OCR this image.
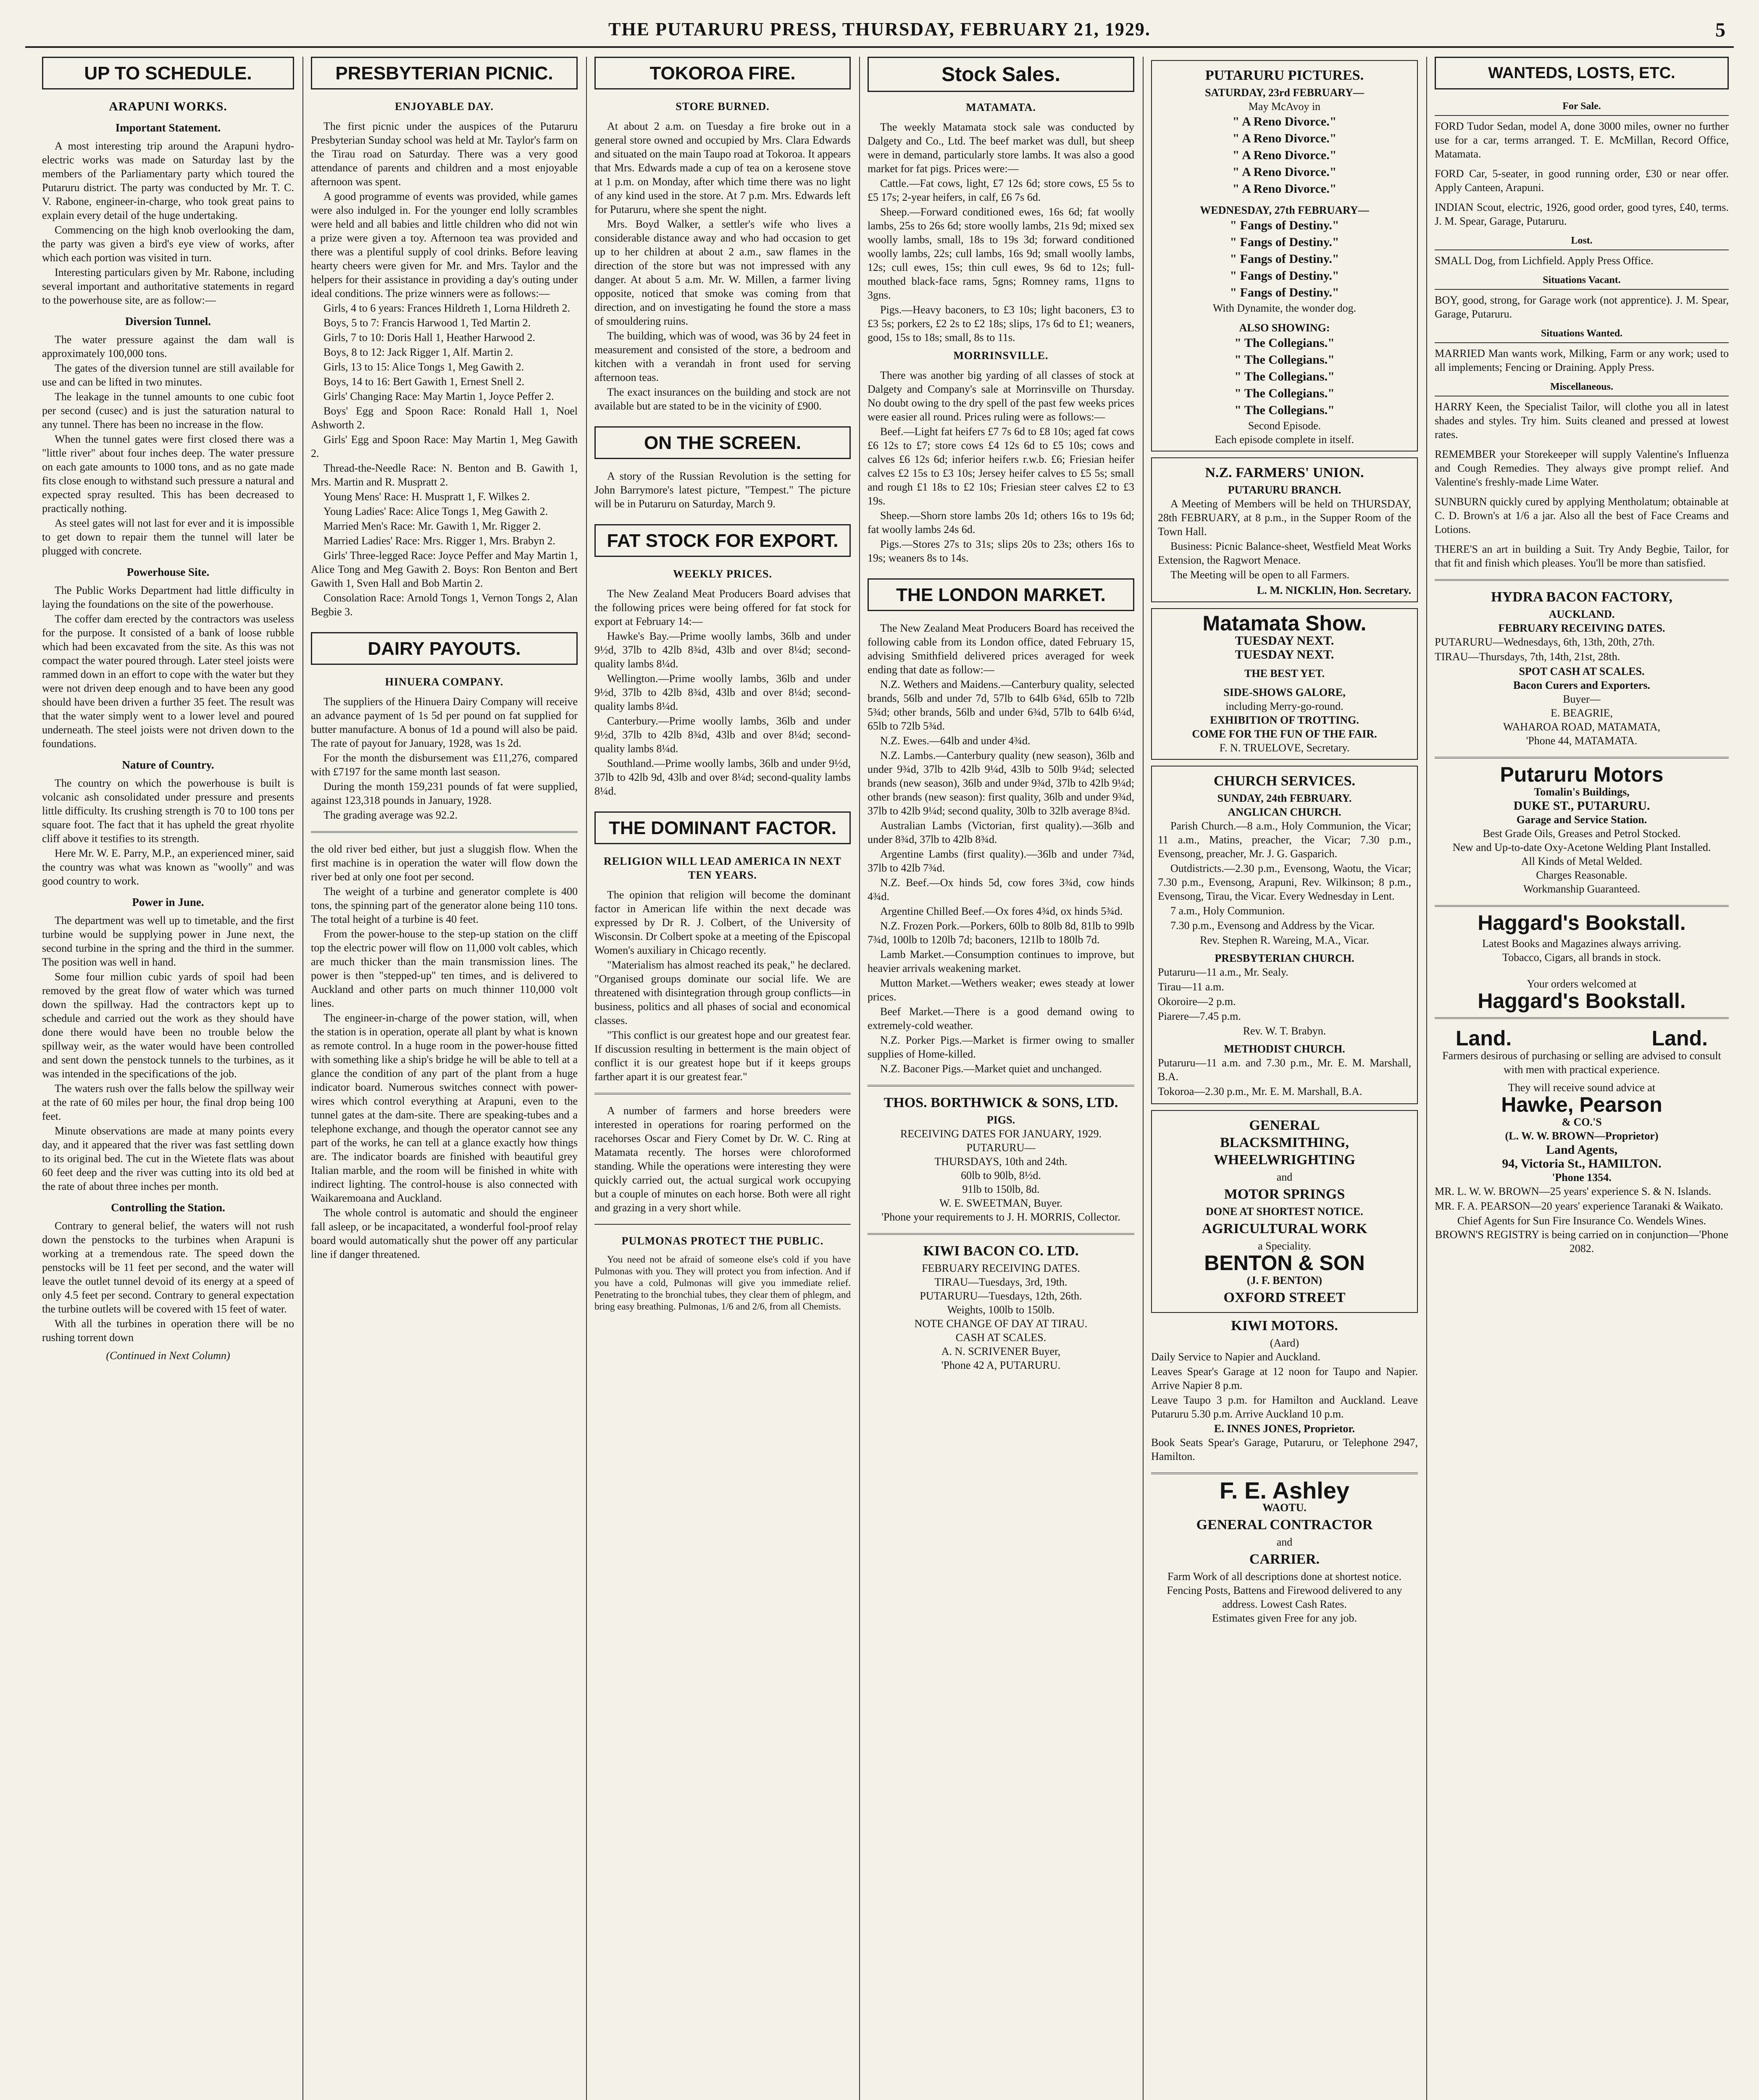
THE PUTARURU PRESS, THURSDAY, FEBRUARY 21, 1929.	5
UP TO SCHEDULE.
ARAPUNI WORKS.
Important Statement.

A most interesting trip around the Arapuni hydro-electric works was made on Saturday last by the members of the Parliamentary party which toured the Putaruru district. The party was conducted by Mr. T. C. V. Rabone, engineer-in-charge, who took great pains to explain every detail of the huge undertaking.

Commencing on the high knob overlooking the dam, the party was given a bird's eye view of works, after which each portion was visited in turn.

Interesting particulars given by Mr. Rabone, including several important and authoritative statements in regard to the powerhouse site, are as follow:—

Diversion Tunnel.

The water pressure against the dam wall is approximately 100,000 tons.

The gates of the diversion tunnel are still available for use and can be lifted in two minutes.

The leakage in the tunnel amounts to one cubic foot per second (cusec) and is just the saturation natural to any tunnel. There has been no increase in the flow.

When the tunnel gates were first closed there was a "little river" about four inches deep. The water pressure on each gate amounts to 1000 tons, and as no gate made fits close enough to withstand such pressure a natural and expected spray resulted. This has been decreased to practically nothing.

As steel gates will not last for ever and it is impossible to get down to repair them the tunnel will later be plugged with concrete.

Powerhouse Site.

The Public Works Department had little difficulty in laying the foundations on the site of the powerhouse.

The coffer dam erected by the contractors was useless for the purpose. It consisted of a bank of loose rubble which had been excavated from the site. As this was not compact the water poured through. Later steel joists were rammed down in an effort to cope with the water but they were not driven deep enough and to have been any good should have been driven a further 35 feet. The result was that the water simply went to a lower level and poured underneath. The steel joists were not driven down to the foundations.

Nature of Country.

The country on which the powerhouse is built is volcanic ash consolidated under pressure and presents little difficulty. Its crushing strength is 70 to 100 tons per square foot. The fact that it has upheld the great rhyolite cliff above it testifies to its strength.

Here Mr. W. E. Parry, M.P., an experienced miner, said the country was what was known as "woolly" and was good country to work.

Power in June.

The department was well up to timetable, and the first turbine would be supplying power in June next, the second turbine in the spring and the third in the summer. The position was well in hand.

Some four million cubic yards of spoil had been removed by the great flow of water which was turned down the spillway. Had the contractors kept up to schedule and carried out the work as they should have done there would have been no trouble below the spillway weir, as the water would have been controlled and sent down the penstock tunnels to the turbines, as it was intended in the specifications of the job.

The waters rush over the falls below the spillway weir at the rate of 60 miles per hour, the final drop being 100 feet.

Minute observations are made at many points every day, and it appeared that the river was fast settling down to its original bed. The cut in the Wietete flats was about 60 feet deep and the river was cutting into its old bed at the rate of about three inches per month.

Controlling the Station.

Contrary to general belief, the waters will not rush down the penstocks to the turbines when Arapuni is working at a tremendous rate. The speed down the penstocks will be 11 feet per second, and the water will leave the outlet tunnel devoid of its energy at a speed of only 4.5 feet per second. Contrary to general expectation the turbine outlets will be covered with 15 feet of water.

With all the turbines in operation there will be no rushing torrent down

(Continued in Next Column)
PRESBYTERIAN PICNIC.
ENJOYABLE DAY.

The first picnic under the auspices of the Putaruru Presbyterian Sunday school was held at Mr. Taylor's farm on the Tirau road on Saturday. There was a very good attendance of parents and children and a most enjoyable afternoon was spent.

A good programme of events was provided, while games were also indulged in. For the younger end lolly scrambles were held and all babies and little children who did not win a prize were given a toy. Afternoon tea was provided and there was a plentiful supply of cool drinks. Before leaving hearty cheers were given for Mr. and Mrs. Taylor and the helpers for their assistance in providing a day's outing under ideal conditions. The prize winners were as follows:—

Girls, 4 to 6 years: Frances Hildreth 1, Lorna Hildreth 2.

Boys, 5 to 7: Francis Harwood 1, Ted Martin 2.

Girls, 7 to 10: Doris Hall 1, Heather Harwood 2.

Boys, 8 to 12: Jack Rigger 1, Alf. Martin 2.

Girls, 13 to 15: Alice Tongs 1, Meg Gawith 2.

Boys, 14 to 16: Bert Gawith 1, Ernest Snell 2.

Girls' Changing Race: May Martin 1, Joyce Peffer 2.

Boys' Egg and Spoon Race: Ronald Hall 1, Noel Ashworth 2.

Girls' Egg and Spoon Race: May Martin 1, Meg Gawith 2.

Thread-the-Needle Race: N. Benton and B. Gawith 1, Mrs. Martin and R. Muspratt 2.

Young Mens' Race: H. Muspratt 1, F. Wilkes 2.

Young Ladies' Race: Alice Tongs 1, Meg Gawith 2.

Married Men's Race: Mr. Gawith 1, Mr. Rigger 2.

Married Ladies' Race: Mrs. Rigger 1, Mrs. Brabyn 2.

Girls' Three-legged Race: Joyce Peffer and May Martin 1, Alice Tong and Meg Gawith 2. Boys: Ron Benton and Bert Gawith 1, Sven Hall and Bob Martin 2.

Consolation Race: Arnold Tongs 1, Vernon Tongs 2, Alan Begbie 3.

DAIRY PAYOUTS.
HINUERA COMPANY.

The suppliers of the Hinuera Dairy Company will receive an advance payment of 1s 5d per pound on fat supplied for butter manufacture. A bonus of 1d a pound will also be paid. The rate of payout for January, 1928, was 1s 2d.

For the month the disbursement was £11,276, compared with £7197 for the same month last season.

During the month 159,231 pounds of fat were supplied, against 123,318 pounds in January, 1928.

The grading average was 92.2.

the old river bed either, but just a sluggish flow. When the first machine is in operation the water will flow down the river bed at only one foot per second.

The weight of a turbine and generator complete is 400 tons, the spinning part of the generator alone being 110 tons. The total height of a turbine is 40 feet.

From the power-house to the step-up station on the cliff top the electric power will flow on 11,000 volt cables, which are much thicker than the main transmission lines. The power is then "stepped-up" ten times, and is delivered to Auckland and other parts on much thinner 110,000 volt lines.

The engineer-in-charge of the power station, will, when the station is in operation, operate all plant by what is known as remote control. In a huge room in the power-house fitted with something like a ship's bridge he will be able to tell at a glance the condition of any part of the plant from a huge indicator board. Numerous switches connect with power-wires which control everything at Arapuni, even to the tunnel gates at the dam-site. There are speaking-tubes and a telephone exchange, and though the operator cannot see any part of the works, he can tell at a glance exactly how things are. The indicator boards are finished with beautiful grey Italian marble, and the room will be finished in white with indirect lighting. The control-house is also connected with Waikaremoana and Auckland.

The whole control is automatic and should the engineer fall asleep, or be incapacitated, a wonderful fool-proof relay board would automatically shut the power off any particular line if danger threatened.

TOKOROA FIRE.
STORE BURNED.

At about 2 a.m. on Tuesday a fire broke out in a general store owned and occupied by Mrs. Clara Edwards and situated on the main Taupo road at Tokoroa. It appears that Mrs. Edwards made a cup of tea on a kerosene stove at 1 p.m. on Monday, after which time there was no light of any kind used in the store. At 7 p.m. Mrs. Edwards left for Putaruru, where she spent the night.

Mrs. Boyd Walker, a settler's wife who lives a considerable distance away and who had occasion to get up to her children at about 2 a.m., saw flames in the direction of the store but was not impressed with any danger. At about 5 a.m. Mr. W. Millen, a farmer living opposite, noticed that smoke was coming from that direction, and on investigating he found the store a mass of smouldering ruins.

The building, which was of wood, was 36 by 24 feet in measurement and consisted of the store, a bedroom and kitchen with a verandah in front used for serving afternoon teas.

The exact insurances on the building and stock are not available but are stated to be in the vicinity of £900.

ON THE SCREEN.

A story of the Russian Revolution is the setting for John Barrymore's latest picture, "Tempest." The picture will be in Putaruru on Saturday, March 9.

FAT STOCK FOR EXPORT.
WEEKLY PRICES.

The New Zealand Meat Producers Board advises that the following prices were being offered for fat stock for export at February 14:—

Hawke's Bay.—Prime woolly lambs, 36lb and under 9½d, 37lb to 42lb 8¾d, 43lb and over 8¼d; second-quality lambs 8¼d.

Wellington.—Prime woolly lambs, 36lb and under 9½d, 37lb to 42lb 8¾d, 43lb and over 8¼d; second-quality lambs 8¼d.

Canterbury.—Prime woolly lambs, 36lb and under 9½d, 37lb to 42lb 8¾d, 43lb and over 8¼d; second-quality lambs 8¼d.

Southland.—Prime woolly lambs, 36lb and under 9½d, 37lb to 42lb 9d, 43lb and over 8¼d; second-quality lambs 8¼d.

THE DOMINANT FACTOR.
RELIGION WILL LEAD AMERICA IN NEXT TEN YEARS.

The opinion that religion will become the dominant factor in American life within the next decade was expressed by Dr R. J. Colbert, of the University of Wisconsin. Dr Colbert spoke at a meeting of the Episcopal Women's auxiliary in Chicago recently.

"Materialism has almost reached its peak," he declared. "Organised groups dominate our social life. We are threatened with disintegration through group conflicts—in business, politics and all phases of social and economical classes.

"This conflict is our greatest hope and our greatest fear. If discussion resulting in betterment is the main object of conflict it is our greatest hope but if it keeps groups farther apart it is our greatest fear."

A number of farmers and horse breeders were interested in operations for roaring performed on the racehorses Oscar and Fiery Comet by Dr. W. C. Ring at Matamata recently. The horses were chloroformed standing. While the operations were interesting they were quickly carried out, the actual surgical work occupying but a couple of minutes on each horse. Both were all right and grazing in a very short while.

PULMONAS PROTECT THE PUBLIC.

You need not be afraid of someone else's cold if you have Pulmonas with you. They will protect you from infection. And if you have a cold, Pulmonas will give you immediate relief. Penetrating to the bronchial tubes, they clear them of phlegm, and bring easy breathing. Pulmonas, 1/6 and 2/6, from all Chemists.

Stock Sales.
MATAMATA.

The weekly Matamata stock sale was conducted by Dalgety and Co., Ltd. The beef market was dull, but sheep were in demand, particularly store lambs. It was also a good market for fat pigs. Prices were:—

Cattle.—Fat cows, light, £7 12s 6d; store cows, £5 5s to £5 17s; 2-year heifers, in calf, £6 7s 6d.

Sheep.—Forward conditioned ewes, 16s 6d; fat woolly lambs, 25s to 26s 6d; store woolly lambs, 21s 9d; mixed sex woolly lambs, small, 18s to 19s 3d; forward conditioned woolly lambs, 22s; cull lambs, 16s 9d; small woolly lambs, 12s; cull ewes, 15s; thin cull ewes, 9s 6d to 12s; full-mouthed black-face rams, 5gns; Romney rams, 11gns to 3gns.

Pigs.—Heavy baconers, to £3 10s; light baconers, £3 to £3 5s; porkers, £2 2s to £2 18s; slips, 17s 6d to £1; weaners, good, 15s to 18s; small, 8s to 11s.

MORRINSVILLE.

There was another big yarding of all classes of stock at Dalgety and Company's sale at Morrinsville on Thursday. No doubt owing to the dry spell of the past few weeks prices were easier all round. Prices ruling were as follows:—

Beef.—Light fat heifers £7 7s 6d to £8 10s; aged fat cows £6 12s to £7; store cows £4 12s 6d to £5 10s; cows and calves £6 12s 6d; inferior heifers r.w.b. £6; Friesian heifer calves £2 15s to £3 10s; Jersey heifer calves to £5 5s; small and rough £1 18s to £2 10s; Friesian steer calves £2 to £3 19s.

Sheep.—Shorn store lambs 20s 1d; others 16s to 19s 6d; fat woolly lambs 24s 6d.

Pigs.—Stores 27s to 31s; slips 20s to 23s; others 16s to 19s; weaners 8s to 14s.

THE LONDON MARKET.

The New Zealand Meat Producers Board has received the following cable from its London office, dated February 15, advising Smithfield delivered prices averaged for week ending that date as follow:—

N.Z. Wethers and Maidens.—Canterbury quality, selected brands, 56lb and under 7d, 57lb to 64lb 6¾d, 65lb to 72lb 5¾d; other brands, 56lb and under 6¾d, 57lb to 64lb 6¼d, 65lb to 72lb 5¾d.

N.Z. Ewes.—64lb and under 4¾d.

N.Z. Lambs.—Canterbury quality (new season), 36lb and under 9¾d, 37lb to 42lb 9¼d, 43lb to 50lb 9¼d; selected brands (new season), 36lb and under 9¾d, 37lb to 42lb 9¼d; other brands (new season): first quality, 36lb and under 9¾d, 37lb to 42lb 9¼d; second quality, 30lb to 32lb average 8¾d.

Australian Lambs (Victorian, first quality).—36lb and under 8¾d, 37lb to 42lb 8¾d.

Argentine Lambs (first quality).—36lb and under 7¾d, 37lb to 42lb 7¾d.

N.Z. Beef.—Ox hinds 5d, cow fores 3¾d, cow hinds 4¾d.

Argentine Chilled Beef.—Ox fores 4¾d, ox hinds 5¾d.

N.Z. Frozen Pork.—Porkers, 60lb to 80lb 8d, 81lb to 99lb 7¾d, 100lb to 120lb 7d; baconers, 121lb to 180lb 7d.

Lamb Market.—Consumption continues to improve, but heavier arrivals weakening market.

Mutton Market.—Wethers weaker; ewes steady at lower prices.

Beef Market.—There is a good demand owing to extremely-cold weather.

N.Z. Porker Pigs.—Market is firmer owing to smaller supplies of Home-killed.

N.Z. Baconer Pigs.—Market quiet and unchanged.

THOS. BORTHWICK & SONS, LTD.
PIGS.
RECEIVING DATES FOR JANUARY, 1929.
PUTARURU—
THURSDAYS, 10th and 24th.
60lb to 90lb, 8½d.
91lb to 150lb, 8d.
W. E. SWEETMAN, Buyer.
'Phone your requirements to J. H. MORRIS, Collector.
KIWI BACON CO. LTD.
FEBRUARY RECEIVING DATES.
TIRAU—Tuesdays, 3rd, 19th.
PUTARURU—Tuesdays, 12th, 26th.
Weights, 100lb to 150lb.
NOTE CHANGE OF DAY AT TIRAU.
CASH AT SCALES.
A. N. SCRIVENER Buyer,
'Phone 42 A, PUTARURU.
PUTARURU PICTURES.
SATURDAY, 23rd FEBRUARY—
May McAvoy in
" A Reno Divorce."
" A Reno Divorce."
" A Reno Divorce."
" A Reno Divorce."
" A Reno Divorce."
WEDNESDAY, 27th FEBRUARY—
" Fangs of Destiny."
" Fangs of Destiny."
" Fangs of Destiny."
" Fangs of Destiny."
" Fangs of Destiny."
With Dynamite, the wonder dog.
ALSO SHOWING:
" The Collegians."
" The Collegians."
" The Collegians."
" The Collegians."
" The Collegians."
Second Episode.
Each episode complete in itself.
N.Z. FARMERS' UNION.
PUTARURU BRANCH.

A Meeting of Members will be held on THURSDAY, 28th FEBRUARY, at 8 p.m., in the Supper Room of the Town Hall.

Business: Picnic Balance-sheet, Westfield Meat Works Extension, the Ragwort Menace.

The Meeting will be open to all Farmers.

L. M. NICKLIN, Hon. Secretary.
Matamata Show.
TUESDAY NEXT.
TUESDAY NEXT.
THE BEST YET.
SIDE-SHOWS GALORE,
including Merry-go-round.
EXHIBITION OF TROTTING.
COME FOR THE FUN OF THE FAIR.
F. N. TRUELOVE, Secretary.
CHURCH SERVICES.
SUNDAY, 24th FEBRUARY.
ANGLICAN CHURCH.

Parish Church.—8 a.m., Holy Communion, the Vicar; 11 a.m., Matins, preacher, the Vicar; 7.30 p.m., Evensong, preacher, Mr. J. G. Gasparich.

Outdistricts.—2.30 p.m., Evensong, Waotu, the Vicar; 7.30 p.m., Evensong, Arapuni, Rev. Wilkinson; 8 p.m., Evensong, Tirau, the Vicar. Every Wednesday in Lent.

7 a.m., Holy Communion.

7.30 p.m., Evensong and Address by the Vicar.

Rev. Stephen R. Wareing, M.A., Vicar.
PRESBYTERIAN CHURCH.

Putaruru—11 a.m., Mr. Sealy.

Tirau—11 a.m.

Okoroire—2 p.m.

Piarere—7.45 p.m.

Rev. W. T. Brabyn.
METHODIST CHURCH.

Putaruru—11 a.m. and 7.30 p.m., Mr. E. M. Marshall, B.A.

Tokoroa—2.30 p.m., Mr. E. M. Marshall, B.A.

GENERAL
BLACKSMITHING,
WHEELWRIGHTING
and
MOTOR SPRINGS
DONE AT SHORTEST NOTICE.
AGRICULTURAL WORK
a Speciality.
BENTON & SON
(J. F. BENTON)
OXFORD STREET
KIWI MOTORS.
(Aard)

Daily Service to Napier and Auckland.

Leaves Spear's Garage at 12 noon for Taupo and Napier. Arrive Napier 8 p.m.

Leave Taupo 3 p.m. for Hamilton and Auckland. Leave Putaruru 5.30 p.m. Arrive Auckland 10 p.m.

E. INNES JONES, Proprietor.

Book Seats Spear's Garage, Putaruru, or Telephone 2947, Hamilton.

F. E. Ashley
WAOTU.
GENERAL CONTRACTOR
and
CARRIER.
Farm Work of all descriptions done at shortest notice.
Fencing Posts, Battens and Firewood delivered to any address. Lowest Cash Rates.
Estimates given Free for any job.
WANTEDS, LOSTS, ETC.
For Sale.

FORD Tudor Sedan, model A, done 3000 miles, owner no further use for a car, terms arranged. T. E. McMillan, Record Office, Matamata.

FORD Car, 5-seater, in good running order, £30 or near offer. Apply Canteen, Arapuni.

INDIAN Scout, electric, 1926, good order, good tyres, £40, terms. J. M. Spear, Garage, Putaruru.

Lost.

SMALL Dog, from Lichfield. Apply Press Office.

Situations Vacant.

BOY, good, strong, for Garage work (not apprentice). J. M. Spear, Garage, Putaruru.

Situations Wanted.

MARRIED Man wants work, Milking, Farm or any work; used to all implements; Fencing or Draining. Apply Press.

Miscellaneous.

HARRY Keen, the Specialist Tailor, will clothe you all in latest shades and styles. Try him. Suits cleaned and pressed at lowest rates.

REMEMBER your Storekeeper will supply Valentine's Influenza and Cough Remedies. They always give prompt relief. And Valentine's freshly-made Lime Water.

SUNBURN quickly cured by applying Mentholatum; obtainable at C. D. Brown's at 1/6 a jar. Also all the best of Face Creams and Lotions.

THERE'S an art in building a Suit. Try Andy Begbie, Tailor, for that fit and finish which pleases. You'll be more than satisfied.

HYDRA BACON FACTORY,
AUCKLAND.
FEBRUARY RECEIVING DATES.

PUTARURU—Wednesdays, 6th, 13th, 20th, 27th.

TIRAU—Thursdays, 7th, 14th, 21st, 28th.

SPOT CASH AT SCALES.
Bacon Curers and Exporters.
Buyer—
E. BEAGRIE,
WAHAROA ROAD, MATAMATA,
'Phone 44, MATAMATA.
Putaruru Motors
Tomalin's Buildings,
DUKE ST., PUTARURU.
Garage and Service Station.
Best Grade Oils, Greases and Petrol Stocked.
New and Up-to-date Oxy-Acetone Welding Plant Installed.
All Kinds of Metal Welded.
Charges Reasonable.
Workmanship Guaranteed.
Haggard's Bookstall.
Latest Books and Magazines always arriving.
Tobacco, Cigars, all brands in stock.
Your orders welcomed at
Haggard's Bookstall.
Land.	Land.
Farmers desirous of purchasing or selling are advised to consult with men with practical experience.
They will receive sound advice at
Hawke, Pearson
& CO.'S
(L. W. W. BROWN—Proprietor)
Land Agents,
94, Victoria St., HAMILTON.
'Phone 1354.

MR. L. W. W. BROWN—25 years' experience S. & N. Islands.

MR. F. A. PEARSON—20 years' experience Taranaki & Waikato.

Chief Agents for Sun Fire Insurance Co. Wendels Wines.
BROWN'S REGISTRY is being carried on in conjunction—'Phone 2082.
